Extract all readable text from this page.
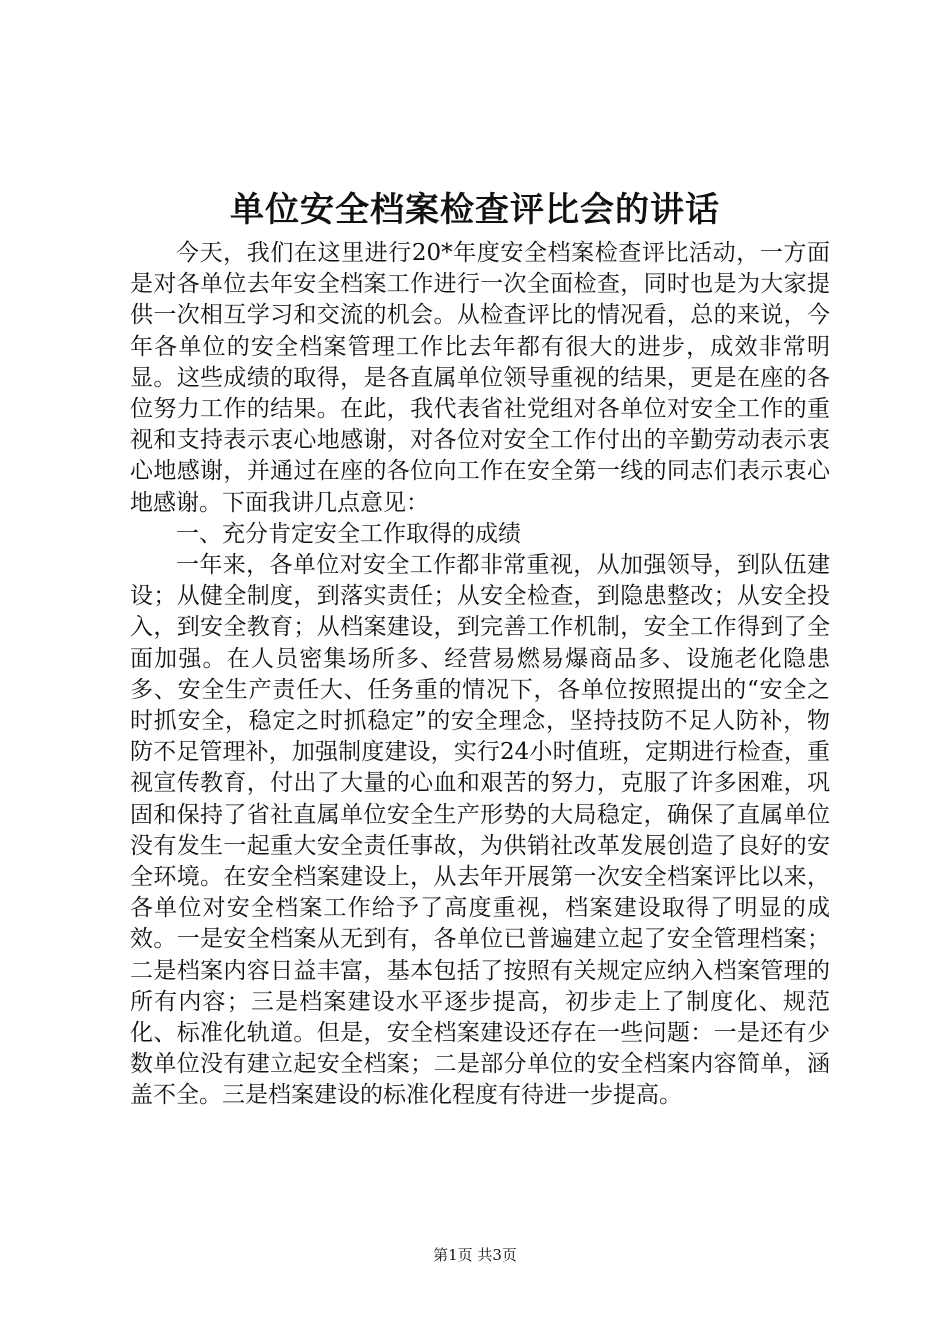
单位安全档案检查评比会的讲话

今天，我们在这里进行20*年度安全档案检查评比活动，一方面是对各单位去年安全档案工作进行一次全面检查，同时也是为大家提供一次相互学习和交流的机会。从检查评比的情况看，总的来说，今年各单位的安全档案管理工作比去年都有很大的进步，成效非常明显。这些成绩的取得，是各直属单位领导重视的结果，更是在座的各位努力工作的结果。在此，我代表省社党组对各单位对安全工作的重视和支持表示衷心地感谢，对各位对安全工作付出的辛勤劳动表示衷心地感谢，并通过在座的各位向工作在安全第一线的同志们表示衷心地感谢。下面我讲几点意见：

一、充分肯定安全工作取得的成绩

一年来，各单位对安全工作都非常重视，从加强领导，到队伍建设；从健全制度，到落实责任；从安全检查，到隐患整改；从安全投入，到安全教育；从档案建设，到完善工作机制，安全工作得到了全面加强。在人员密集场所多、经营易燃易爆商品多、设施老化隐患多、安全生产责任大、任务重的情况下，各单位按照提出的“安全之时抓安全，稳定之时抓稳定”的安全理念，坚持技防不足人防补，物防不足管理补，加强制度建设，实行24小时值班，定期进行检查，重视宣传教育，付出了大量的心血和艰苦的努力，克服了许多困难，巩固和保持了省社直属单位安全生产形势的大局稳定，确保了直属单位没有发生一起重大安全责任事故，为供销社改革发展创造了良好的安全环境。在安全档案建设上，从去年开展第一次安全档案评比以来，各单位对安全档案工作给予了高度重视，档案建设取得了明显的成效。一是安全档案从无到有，各单位已普遍建立起了安全管理档案；二是档案内容日益丰富，基本包括了按照有关规定应纳入档案管理的所有内容；三是档案建设水平逐步提高，初步走上了制度化、规范化、标准化轨道。但是，安全档案建设还存在一些问题：一是还有少数单位没有建立起安全档案；二是部分单位的安全档案内容简单，涵盖不全。三是档案建设的标准化程度有待进一步提高。

第1页 共3页
